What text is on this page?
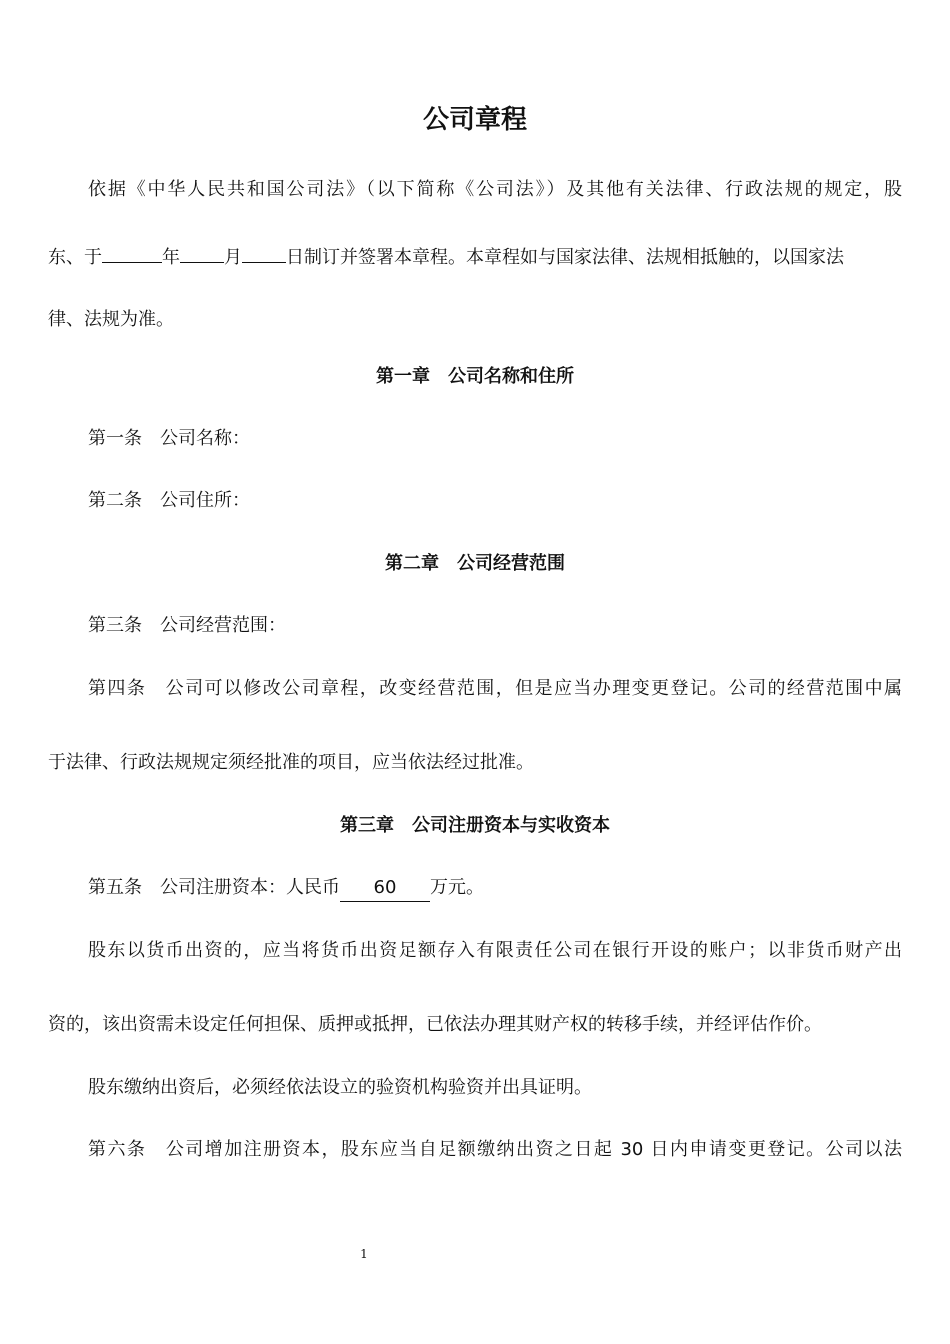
公司章程
依据《中华人民共和国公司法》（以下简称《公司法》）及其他有关法律、行政法规的规定，股
东、于	年 月 日制订并签署本章程。本章程如与国家法律、法规相抵触的，以国家法
律、法规为准。
第一章 公司名称和住所
第一条 公司名称：
第二条 公司住所：
第二章 公司经营范围
第三条 公司经营范围：
第四条 公司可以修改公司章程，改变经营范围，但是应当办理变更登记。公司的经营范围中属
于法律、行政法规规定须经批准的项目，应当依法经过批准。
第三章 公司注册资本与实收资本
第五条 公司注册资本：人民币 60 万元。
股东以货币出资的，应当将货币出资足额存入有限责任公司在银行开设的账户；以非货币财产出
资的，该出资需未设定任何担保、质押或抵押，已依法办理其财产权的转移手续，并经评估作价。
股东缴纳出资后，必须经依法设立的验资机构验资并出具证明。
第六条 公司增加注册资本，股东应当自足额缴纳出资之日起 30 日内申请变更登记。公司以法
1
